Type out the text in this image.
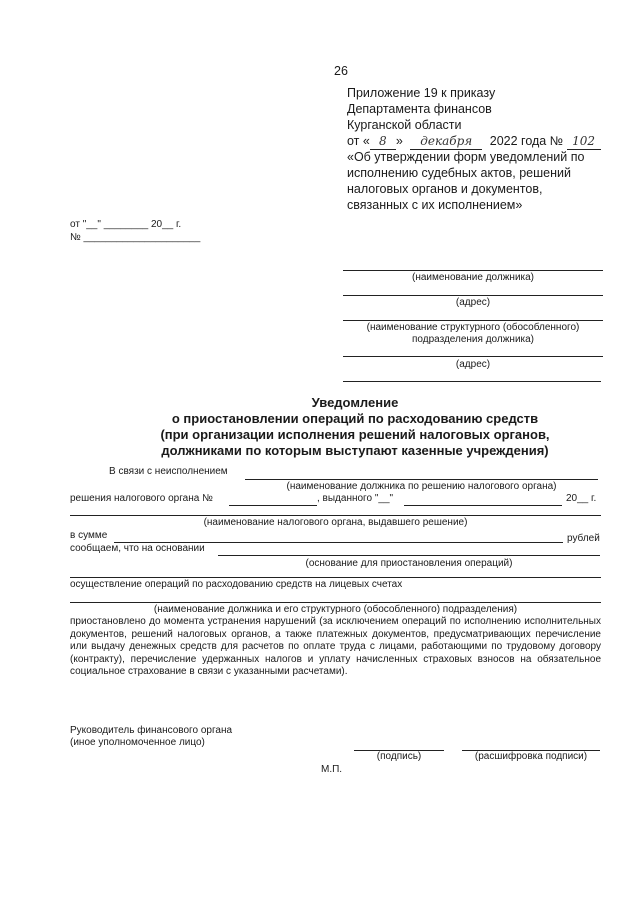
26
Приложение 19 к приказу
Департамента финансов
Курганской области
от « 8 » декабря 2022 года № 102
«Об утверждении форм уведомлений по
исполнению судебных актов, решений
налоговых органов и документов,
связанных с их исполнением»
от "__" ________ 20__ г.
№ _____________________
(наименование должника)
(адрес)
(наименование структурного (обособленного)
подразделения должника)
(адрес)
Уведомление
о приостановлении операций по расходованию средств
(при организации исполнения решений налоговых органов,
должниками по которым выступают казенные учреждения)
В связи с неисполнением
(наименование должника по решению налогового органа)
решения налогового органа №	, выданного "__"	20__ г.
(наименование налогового органа, выдавшего решение)
в сумме	рублей
сообщаем, что на основании
(основание для приостановления операций)
осуществление операций по расходованию средств на лицевых счетах
(наименование должника и его структурного (обособленного) подразделения)
приостановлено до момента устранения нарушений (за исключением операций по исполнению исполнительных документов, решений налоговых органов, а также платежных документов, предусматривающих перечисление или выдачу денежных средств для расчетов по оплате труда с лицами, работающими по трудовому договору (контракту), перечисление удержанных налогов и уплату начисленных страховых взносов на обязательное социальное страхование в связи с указанными расчетами).
Руководитель финансового органа
(иное уполномоченное лицо)
(подпись)	(расшифровка подписи)
М.П.
